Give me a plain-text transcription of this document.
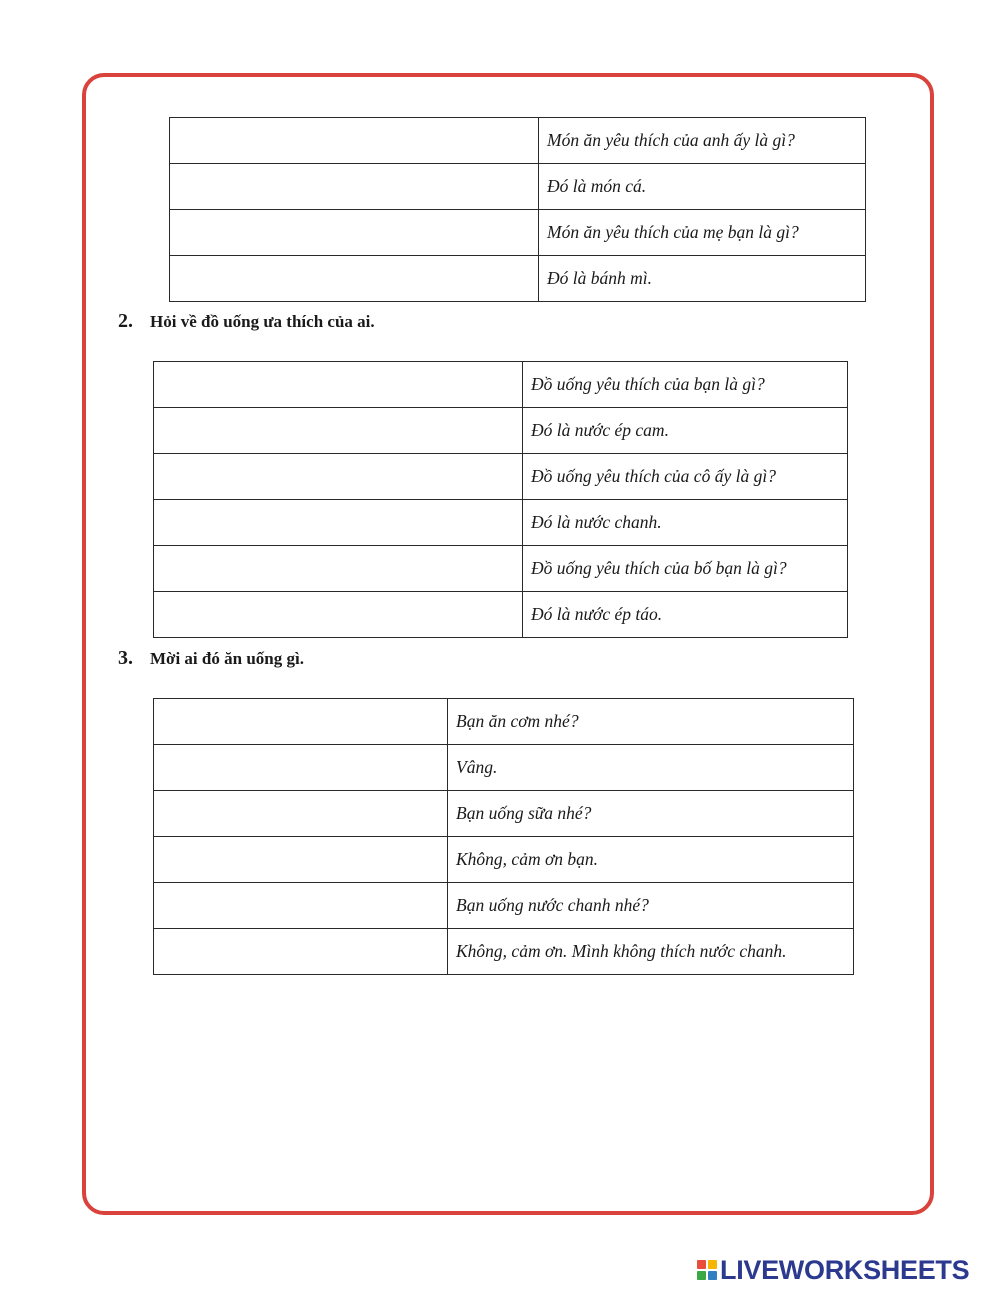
	Món ăn yêu thích của anh ấy là gì?
	Đó là món cá.
	Món ăn yêu thích của mẹ bạn là gì?
	Đó là bánh mì.
2.	Hỏi về đồ uống ưa thích của ai.
	Đồ uống yêu thích của bạn là gì?
	Đó là nước ép cam.
	Đồ uống yêu thích của cô ấy là gì?
	Đó là nước chanh.
	Đồ uống yêu thích của bố bạn là gì?
	Đó là nước ép táo.
3.	Mời ai đó ăn uống gì.
	Bạn ăn cơm nhé?
	Vâng.
	Bạn uống sữa nhé?
	Không, cảm ơn bạn.
	Bạn uống nước chanh nhé?
	Không, cảm ơn. Mình không thích nước chanh.
LIVEWORKSHEETS
